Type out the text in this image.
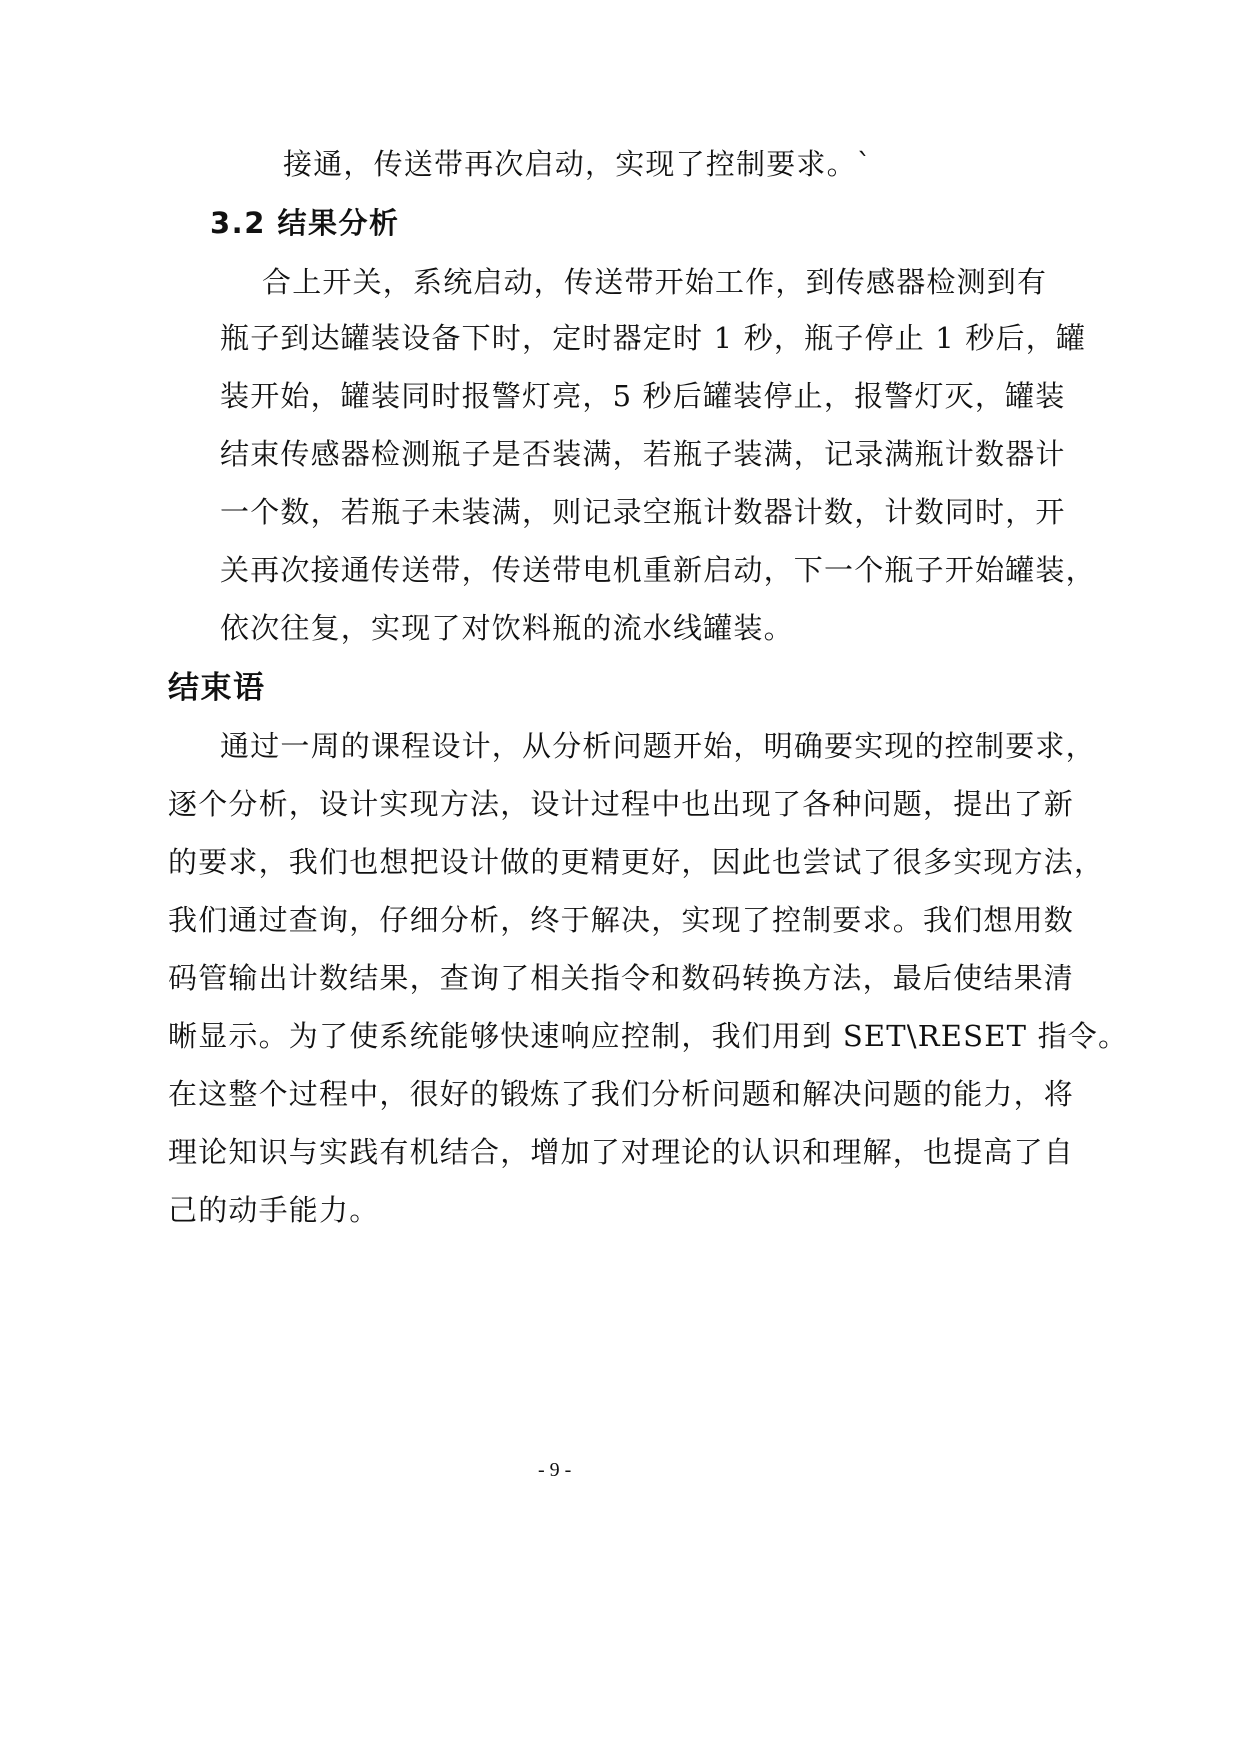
接通，传送带再次启动，实现了控制要求。`
3.2 结果分析
合上开关，系统启动，传送带开始工作，到传感器检测到有
瓶子到达罐装设备下时，定时器定时 1 秒，瓶子停止 1 秒后，罐
装开始，罐装同时报警灯亮，5 秒后罐装停止，报警灯灭，罐装
结束传感器检测瓶子是否装满，若瓶子装满，记录满瓶计数器计
一个数，若瓶子未装满，则记录空瓶计数器计数，计数同时，开
关再次接通传送带，传送带电机重新启动，下一个瓶子开始罐装，
依次往复，实现了对饮料瓶的流水线罐装。
结束语
通过一周的课程设计，从分析问题开始，明确要实现的控制要求，
逐个分析，设计实现方法，设计过程中也出现了各种问题，提出了新
的要求，我们也想把设计做的更精更好，因此也尝试了很多实现方法，
我们通过查询，仔细分析，终于解决，实现了控制要求。我们想用数
码管输出计数结果，查询了相关指令和数码转换方法，最后使结果清
晰显示。为了使系统能够快速响应控制，我们用到 SET\RESET 指令。
在这整个过程中，很好的锻炼了我们分析问题和解决问题的能力，将
理论知识与实践有机结合，增加了对理论的认识和理解，也提高了自
己的动手能力。
- 9 -
